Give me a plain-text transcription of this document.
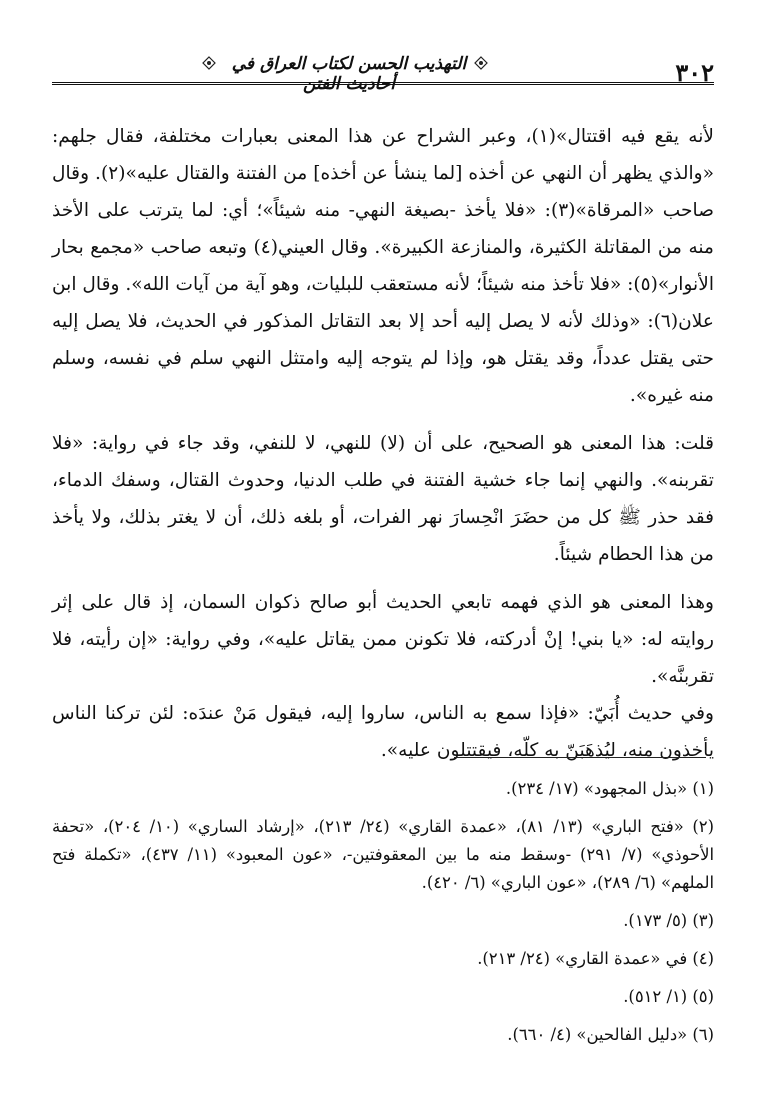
٣٠٢
التهذيب الحسن لكتاب العراق في أحاديث الفتن

لأنه يقع فيه اقتتال»(١)، وعبر الشراح عن هذا المعنى بعبارات مختلفة، فقال جلهم: «والذي يظهر أن النهي عن أخذه [لما ينشأ عن أخذه] من الفتنة والقتال عليه»(٢). وقال صاحب «المرقاة»(٣): «فلا يأخذ -بصيغة النهي- منه شيئاً»؛ أي: لما يترتب على الأخذ منه من المقاتلة الكثيرة، والمنازعة الكبيرة». وقال العيني(٤) وتبعه صاحب «مجمع بحار الأنوار»(٥): «فلا تأخذ منه شيئاً؛ لأنه مستعقب للبليات، وهو آية من آيات الله». وقال ابن علان(٦): «وذلك لأنه لا يصل إليه أحد إلا بعد التقاتل المذكور في الحديث، فلا يصل إليه حتى يقتل عدداً، وقد يقتل هو، وإذا لم يتوجه إليه وامتثل النهي سلم في نفسه، وسلم منه غيره».

قلت: هذا المعنى هو الصحيح، على أن (لا) للنهي، لا للنفي، وقد جاء في رواية: «فلا تقربنه». والنهي إنما جاء خشية الفتنة في طلب الدنيا، وحدوث القتال، وسفك الدماء، فقد حذر ﷺ كل من حضَرَ انْحِسارَ نهر الفرات، أو بلغه ذلك، أن لا يغتر بذلك، ولا يأخذ من هذا الحطام شيئاً.

وهذا المعنى هو الذي فهمه تابعي الحديث أبو صالح ذكوان السمان، إذ قال على إثر روايته له: «يا بني! إنْ أدركته، فلا تكونن ممن يقاتل عليه»، وفي رواية: «إن رأيته، فلا تقربنَّه».

وفي حديث أُبَيّ: «فإذا سمع به الناس، ساروا إليه، فيقول مَنْ عندَه: لئن تركنا الناس يأخذون منه، ليُذهَبَنّ به كلّه، فيقتتلون عليه».

(١) «بذل المجهود» (١٧/ ٢٣٤).

(٢) «فتح الباري» (١٣/ ٨١)، «عمدة القاري» (٢٤/ ٢١٣)، «إرشاد الساري» (١٠/ ٢٠٤)، «تحفة الأحوذي» (٧/ ٢٩١) -وسقط منه ما بين المعقوفتين-، «عون المعبود» (١١/ ٤٣٧)، «تكملة فتح الملهم» (٦/ ٢٨٩)، «عون الباري» (٦/ ٤٢٠).

(٣) (٥/ ١٧٣).

(٤) في «عمدة القاري» (٢٤/ ٢١٣).

(٥) (١/ ٥١٢).

(٦) «دليل الفالحين» (٤/ ٦٦٠).
